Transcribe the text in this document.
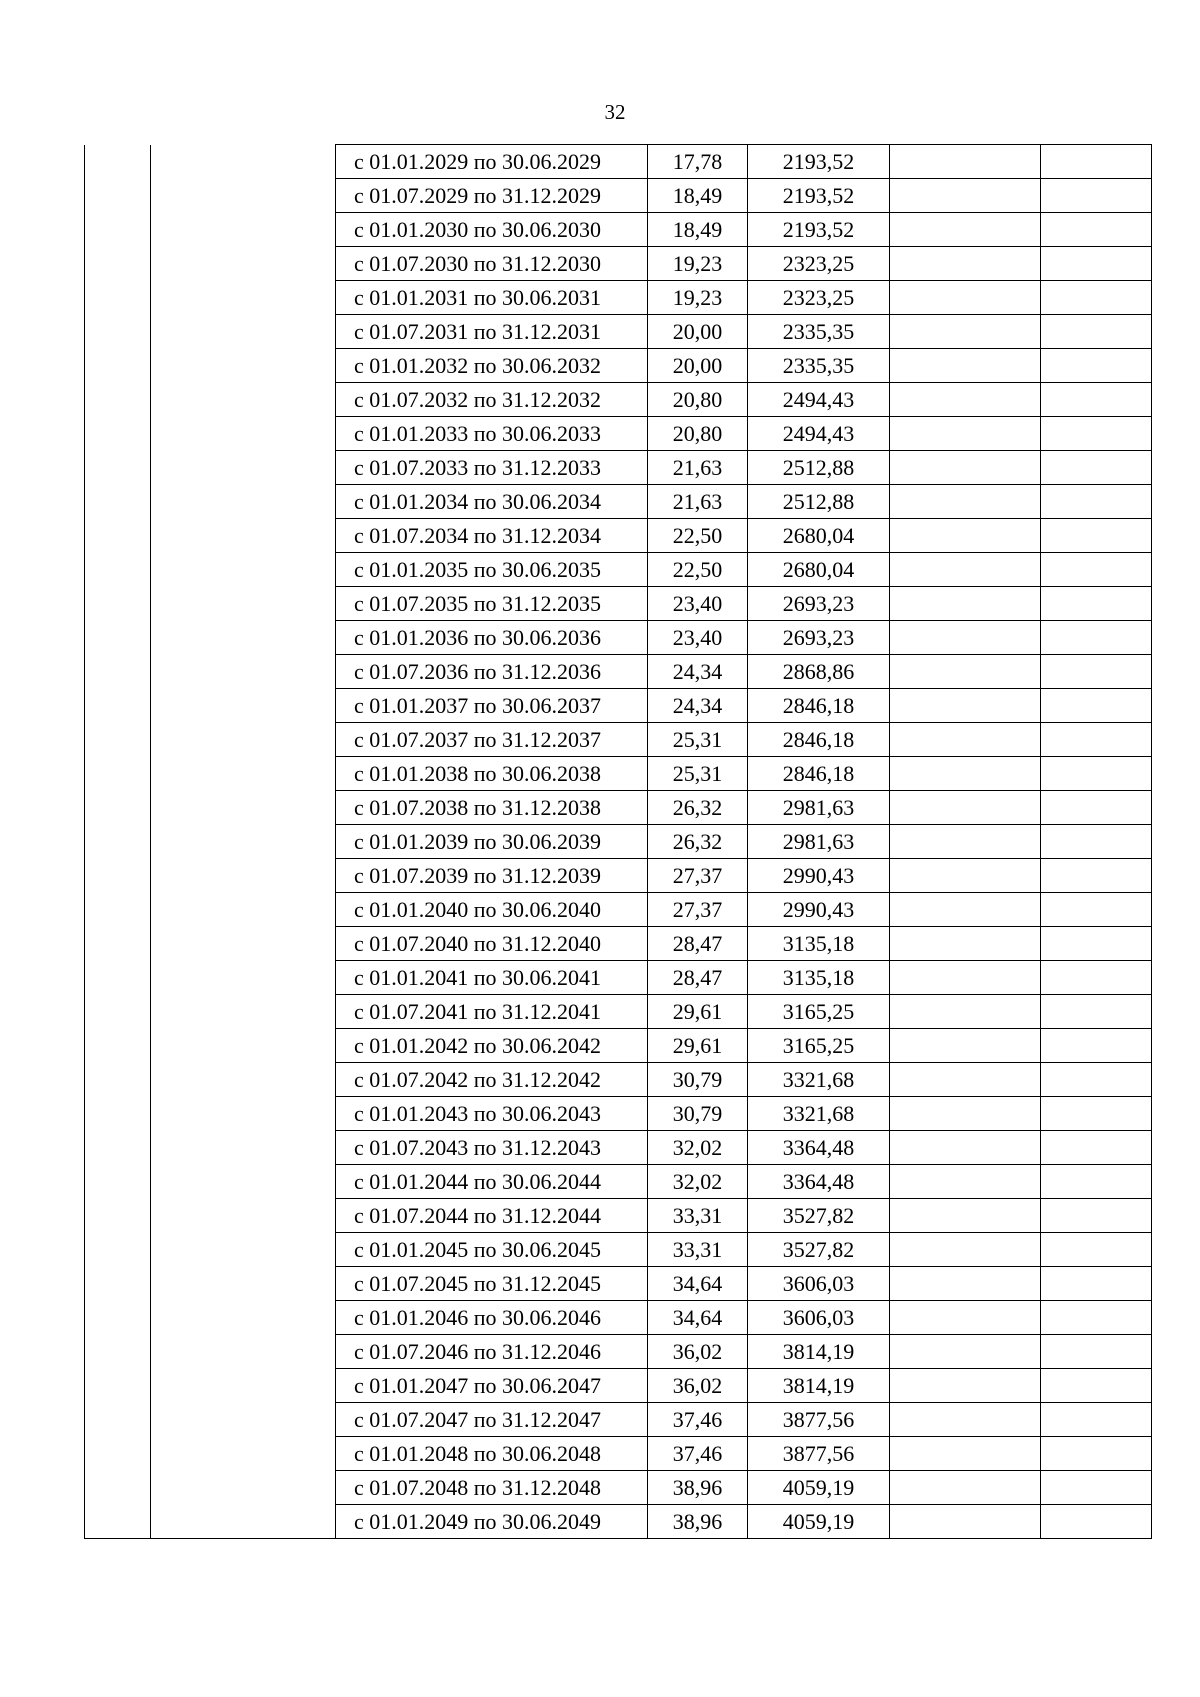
32
		с 01.01.2029 по 30.06.2029	17,78	2193,52		
		с 01.07.2029 по 31.12.2029	18,49	2193,52		
		с 01.01.2030 по 30.06.2030	18,49	2193,52		
		с 01.07.2030 по 31.12.2030	19,23	2323,25		
		с 01.01.2031 по 30.06.2031	19,23	2323,25		
		с 01.07.2031 по 31.12.2031	20,00	2335,35		
		с 01.01.2032 по 30.06.2032	20,00	2335,35		
		с 01.07.2032 по 31.12.2032	20,80	2494,43		
		с 01.01.2033 по 30.06.2033	20,80	2494,43		
		с 01.07.2033 по 31.12.2033	21,63	2512,88		
		с 01.01.2034 по 30.06.2034	21,63	2512,88		
		с 01.07.2034 по 31.12.2034	22,50	2680,04		
		с 01.01.2035 по 30.06.2035	22,50	2680,04		
		с 01.07.2035 по 31.12.2035	23,40	2693,23		
		с 01.01.2036 по 30.06.2036	23,40	2693,23		
		с 01.07.2036 по 31.12.2036	24,34	2868,86		
		с 01.01.2037 по 30.06.2037	24,34	2846,18		
		с 01.07.2037 по 31.12.2037	25,31	2846,18		
		с 01.01.2038 по 30.06.2038	25,31	2846,18		
		с 01.07.2038 по 31.12.2038	26,32	2981,63		
		с 01.01.2039 по 30.06.2039	26,32	2981,63		
		с 01.07.2039 по 31.12.2039	27,37	2990,43		
		с 01.01.2040 по 30.06.2040	27,37	2990,43		
		с 01.07.2040 по 31.12.2040	28,47	3135,18		
		с 01.01.2041 по 30.06.2041	28,47	3135,18		
		с 01.07.2041 по 31.12.2041	29,61	3165,25		
		с 01.01.2042 по 30.06.2042	29,61	3165,25		
		с 01.07.2042 по 31.12.2042	30,79	3321,68		
		с 01.01.2043 по 30.06.2043	30,79	3321,68		
		с 01.07.2043 по 31.12.2043	32,02	3364,48		
		с 01.01.2044 по 30.06.2044	32,02	3364,48		
		с 01.07.2044 по 31.12.2044	33,31	3527,82		
		с 01.01.2045 по 30.06.2045	33,31	3527,82		
		с 01.07.2045 по 31.12.2045	34,64	3606,03		
		с 01.01.2046 по 30.06.2046	34,64	3606,03		
		с 01.07.2046 по 31.12.2046	36,02	3814,19		
		с 01.01.2047 по 30.06.2047	36,02	3814,19		
		с 01.07.2047 по 31.12.2047	37,46	3877,56		
		с 01.01.2048 по 30.06.2048	37,46	3877,56		
		с 01.07.2048 по 31.12.2048	38,96	4059,19		
		с 01.01.2049 по 30.06.2049	38,96	4059,19		
